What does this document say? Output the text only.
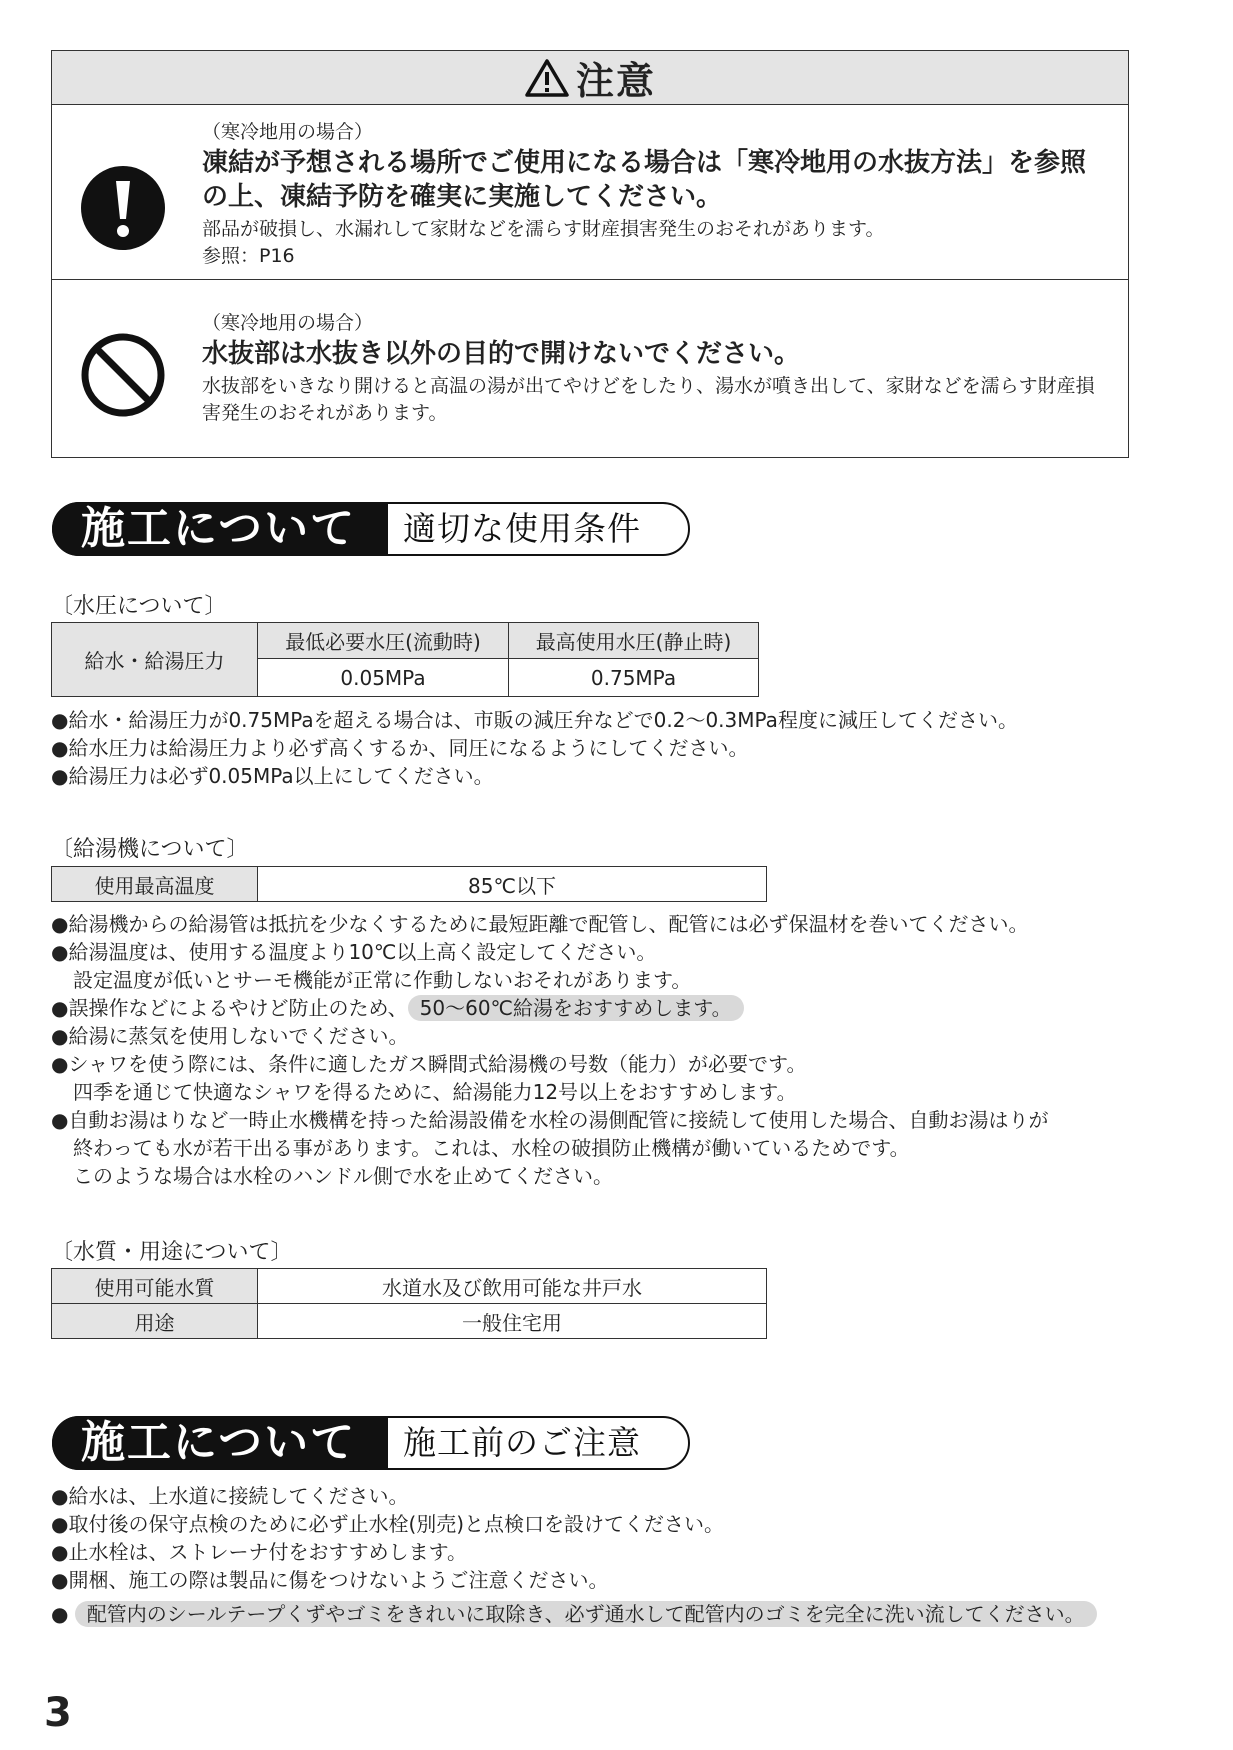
注意
（寒冷地用の場合）
凍結が予想される場所でご使用になる場合は「寒冷地用の水抜方法」を参照の上、凍結予防を確実に実施してください。
部品が破損し、水漏れして家財などを濡らす財産損害発生のおそれがあります。
参照：P16
（寒冷地用の場合）
水抜部は水抜き以外の目的で開けないでください。
水抜部をいきなり開けると高温の湯が出てやけどをしたり、湯水が噴き出して、家財などを濡らす財産損害発生のおそれがあります。
施工について 適切な使用条件
〔水圧について〕
給水・給湯圧力	最低必要水圧(流動時)	最高使用水圧(静止時)
	0.05MPa	0.75MPa
●給水・給湯圧力が0.75MPaを超える場合は、市販の減圧弁などで0.2〜0.3MPa程度に減圧してください。
●給水圧力は給湯圧力より必ず高くするか、同圧になるようにしてください。
●給湯圧力は必ず0.05MPa以上にしてください。
〔給湯機について〕
使用最高温度	85℃以下
●給湯機からの給湯管は抵抗を少なくするために最短距離で配管し、配管には必ず保温材を巻いてください。
●給湯温度は、使用する温度より10℃以上高く設定してください。
設定温度が低いとサーモ機能が正常に作動しないおそれがあります。
●誤操作などによるやけど防止のため、 50〜60℃給湯をおすすめします。
●給湯に蒸気を使用しないでください。
●シャワを使う際には、条件に適したガス瞬間式給湯機の号数（能力）が必要です。
四季を通じて快適なシャワを得るために、給湯能力12号以上をおすすめします。
●自動お湯はりなど一時止水機構を持った給湯設備を水栓の湯側配管に接続して使用した場合、自動お湯はりが
終わっても水が若干出る事があります。これは、水栓の破損防止機構が働いているためです。
このような場合は水栓のハンドル側で水を止めてください。
〔水質・用途について〕
使用可能水質	水道水及び飲用可能な井戸水
用途	一般住宅用
施工について 施工前のご注意
●給水は、上水道に接続してください。
●取付後の保守点検のために必ず止水栓(別売)と点検口を設けてください。
●止水栓は、ストレーナ付をおすすめします。
●開梱、施工の際は製品に傷をつけないようご注意ください。
● 配管内のシールテープくずやゴミをきれいに取除き、必ず通水して配管内のゴミを完全に洗い流してください。
3
